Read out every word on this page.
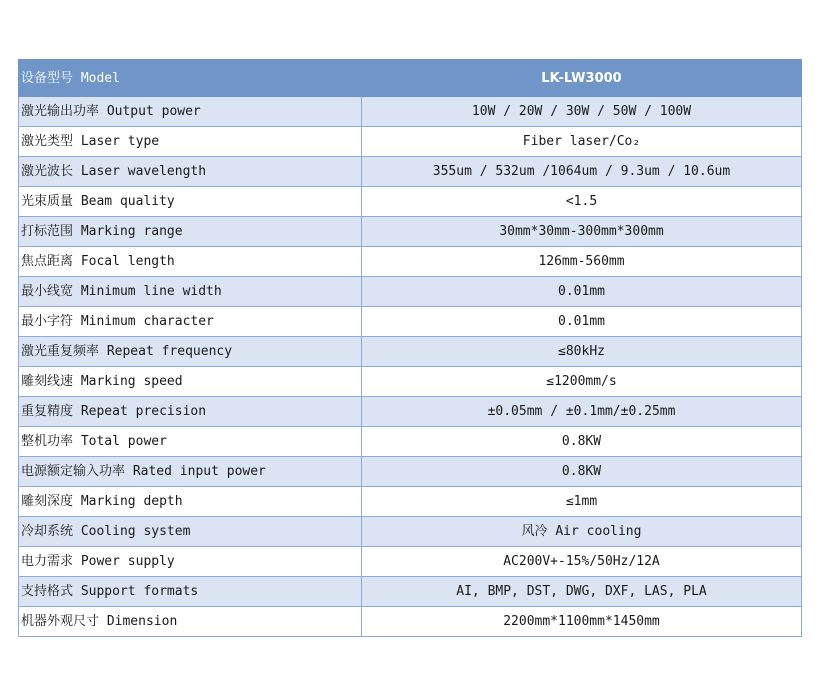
设备型号 Model	LK-LW3000
激光输出功率 Output power	10W / 20W / 30W / 50W / 100W
激光类型 Laser type	Fiber laser/Co₂
激光波长 Laser wavelength	355um / 532um /1064um / 9.3um / 10.6um
光束质量 Beam quality	<1.5
打标范围 Marking range	30mm*30mm-300mm*300mm
焦点距离 Focal length	126mm-560mm
最小线宽 Minimum line width	0.01mm
最小字符 Minimum character	0.01mm
激光重复频率 Repeat frequency	≤80kHz
雕刻线速 Marking speed	≤1200mm/s
重复精度 Repeat precision	±0.05mm / ±0.1mm/±0.25mm
整机功率 Total power	0.8KW
电源额定输入功率 Rated input power	0.8KW
雕刻深度 Marking depth	≤1mm
冷却系统 Cooling system	风冷 Air cooling
电力需求 Power supply	AC200V+-15%/50Hz/12A
支持格式 Support formats	AI, BMP, DST, DWG, DXF, LAS, PLA
机器外观尺寸 Dimension	2200mm*1100mm*1450mm
